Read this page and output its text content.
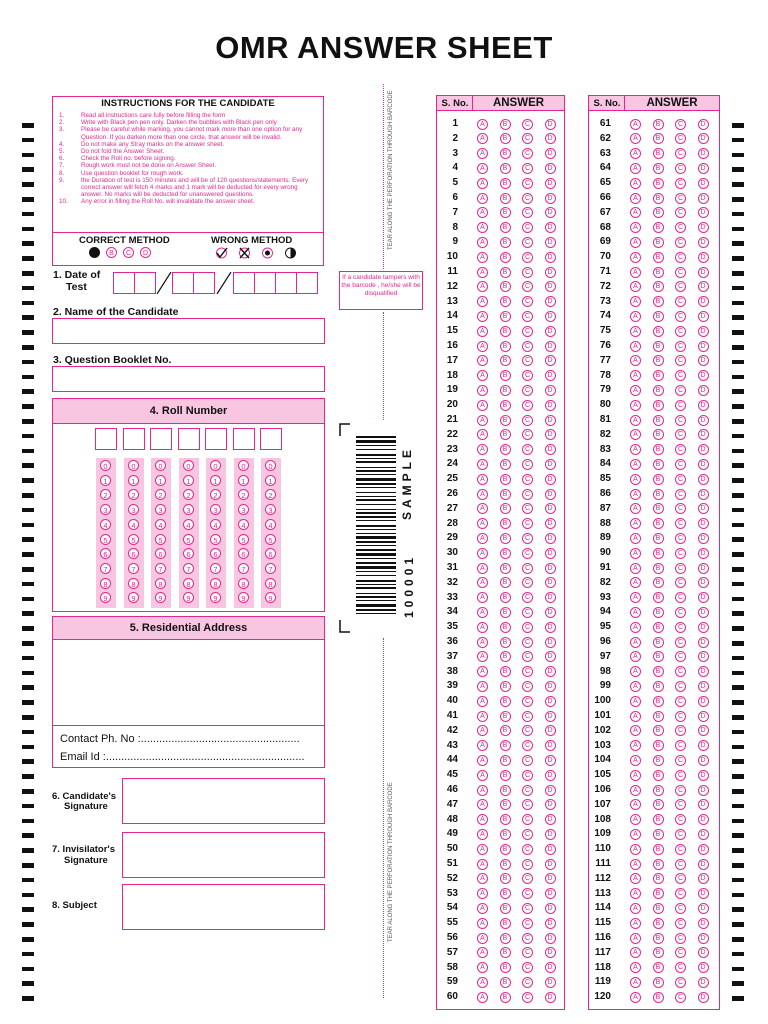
OMR ANSWER SHEET
INSTRUCTIONS FOR THE CANDIDATE
1.	Read all instructions care fully before filling the form
2.	Write with Black pen pen only. Darken the bubbles with Black pen only
3.	Please be careful while marking, you cannot mark more than one option for any Question. If you darken more than one circle, that answer will be invalid.
4.	Do not make any Stray marks on the answer sheet.
5.	Do not fold the Answer Sheet.
6.	Check the Roll no. before signing.
7.	Rough work must not be done on Answer Sheet.
8.	Use question booklet for rough work.
9.	the Duration of test is 150 minutes and will be of 120 questions/statements. Every correct answer will fetch 4 marks and 1 mark will be deducted for every wrong answer. No marks will be deducted for unanswered questions.
10.	Any error in filling the Roll No. will invalidate the answer sheet.
CORRECT METHOD	WRONG METHOD
B	C	D
1. Date of
Test
2. Name of the Candidate
3. Question Booklet No.
4. Roll Number
0
1
2
3
4
5
6
7
8
9
0
1
2
3
4
5
6
7
8
9
0
1
2
3
4
5
6
7
8
9
0
1
2
3
4
5
6
7
8
9
0
1
2
3
4
5
6
7
8
9
0
1
2
3
4
5
6
7
8
9
0
1
2
3
4
5
6
7
8
9
5. Residential Address
Contact Ph. No :....................................................
Email Id :.................................................................
6. Candidate's
Signature
7. Invisilator's
Signature
8. Subject
TEAR ALONG THE PERFORATION THROUGH BARCODE
TEAR ALONG THE PERFORATION THROUGH BARCODE
If a candidate tampers with the barcode , he/she will be disqualified
100001
SAMPLE
S. No.	ANSWER	S. No.	ANSWER
1	A	B	C	D
2	A	B	C	D
3	A	B	C	D
4	A	B	C	D
5	A	B	C	D
6	A	B	C	D
7	A	B	C	D
8	A	B	C	D
9	A	B	C	D
10	A	B	C	D
11	A	B	C	D
12	A	B	C	D
13	A	B	C	D
14	A	B	C	D
15	A	B	C	D
16	A	B	C	D
17	A	B	C	D
18	A	B	C	D
19	A	B	C	D
20	A	B	C	D
21	A	B	C	D
22	A	B	C	D
23	A	B	C	D
24	A	B	C	D
25	A	B	C	D
26	A	B	C	D
27	A	B	C	D
28	A	B	C	D
29	A	B	C	D
30	A	B	C	D
31	A	B	C	D
32	A	B	C	D
33	A	B	C	D
34	A	B	C	D
35	A	B	C	D
36	A	B	C	D
37	A	B	C	D
38	A	B	C	D
39	A	B	C	D
40	A	B	C	D
41	A	B	C	D
42	A	B	C	D
43	A	B	C	D
44	A	B	C	D
45	A	B	C	D
46	A	B	C	D
47	A	B	C	D
48	A	B	C	D
49	A	B	C	D
50	A	B	C	D
51	A	B	C	D
52	A	B	C	D
53	A	B	C	D
54	A	B	C	D
55	A	B	C	D
56	A	B	C	D
57	A	B	C	D
58	A	B	C	D
59	A	B	C	D
60	A	B	C	D
61	A	B	C	D
62	A	B	C	D
63	A	B	C	D
64	A	B	C	D
65	A	B	C	D
66	A	B	C	D
67	A	B	C	D
68	A	B	C	D
69	A	B	C	D
70	A	B	C	D
71	A	B	C	D
72	A	B	C	D
73	A	B	C	D
74	A	B	C	D
75	A	B	C	D
76	A	B	C	D
77	A	B	C	D
78	A	B	C	D
79	A	B	C	D
80	A	B	C	D
81	A	B	C	D
82	A	B	C	D
83	A	B	C	D
84	A	B	C	D
85	A	B	C	D
86	A	B	C	D
87	A	B	C	D
88	A	B	C	D
89	A	B	C	D
90	A	B	C	D
91	A	B	C	D
82	A	B	C	D
93	A	B	C	D
94	A	B	C	D
95	A	B	C	D
96	A	B	C	D
97	A	B	C	D
98	A	B	C	D
99	A	B	C	D
100	A	B	C	D
101	A	B	C	D
102	A	B	C	D
103	A	B	C	D
104	A	B	C	D
105	A	B	C	D
106	A	B	C	D
107	A	B	C	D
108	A	B	C	D
109	A	B	C	D
110	A	B	C	D
111	A	B	C	D
112	A	B	C	D
113	A	B	C	D
114	A	B	C	D
115	A	B	C	D
116	A	B	C	D
117	A	B	C	D
118	A	B	C	D
119	A	B	C	D
120	A	B	C	D
